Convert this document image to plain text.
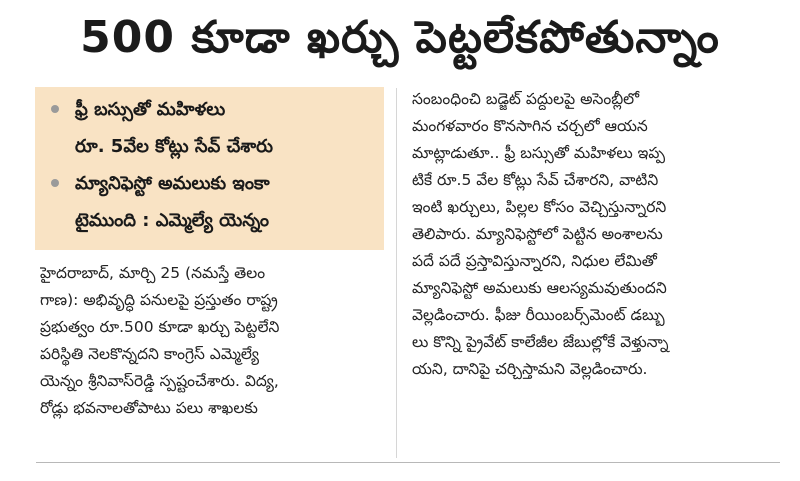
500 కూడా ఖర్చు పెట్టలేకపోతున్నాం
ఫ్రీ బస్సుతో మహిళలు
రూ. 5వేల కోట్లు సేవ్ చేశారు
మ్యానిఫెస్టో అమలుకు ఇంకా
టైముంది : ఎమ్మెల్యే యెన్నం
హైదరాబాద్, మార్చి 25 (నమస్తే తెలం
గాణ): అభివృద్ధి పనులపై ప్రస్తుతం రాష్ట్ర
ప్రభుత్వం రూ.500 కూడా ఖర్చు పెట్టలేని
పరిస్థితి నెలకొన్నదని కాంగ్రెస్ ఎమ్మెల్యే
యెన్నం శ్రీనివాస్‌రెడ్డి స్పష్టంచేశారు. విద్య,
రోడ్లు భవనాలతోపాటు పలు శాఖలకు
సంబంధించి బడ్జెట్ పద్దులపై అసెంబ్లీలో
మంగళవారం కొనసాగిన చర్చలో ఆయన
మాట్లాడుతూ.. ఫ్రీ బస్సుతో మహిళలు ఇప్ప
టికే రూ.5 వేల కోట్లు సేవ్ చేశారని, వాటిని
ఇంటి ఖర్చులు, పిల్లల కోసం వెచ్చిస్తున్నారని
తెలిపారు. మ్యానిఫెస్టోలో పెట్టిన అంశాలను
పదే పదే ప్రస్తావిస్తున్నారని, నిధుల లేమితో
మ్యానిఫెస్టో అమలుకు ఆలస్యమవుతుందని
వెల్లడించారు. ఫీజు రీయింబర్స్‌మెంట్ డబ్బు
లు కొన్ని ప్రైవేట్ కాలేజీల జేబుల్లోకే వెళ్తున్నా
యని, దానిపై చర్చిస్తామని వెల్లడించారు.
